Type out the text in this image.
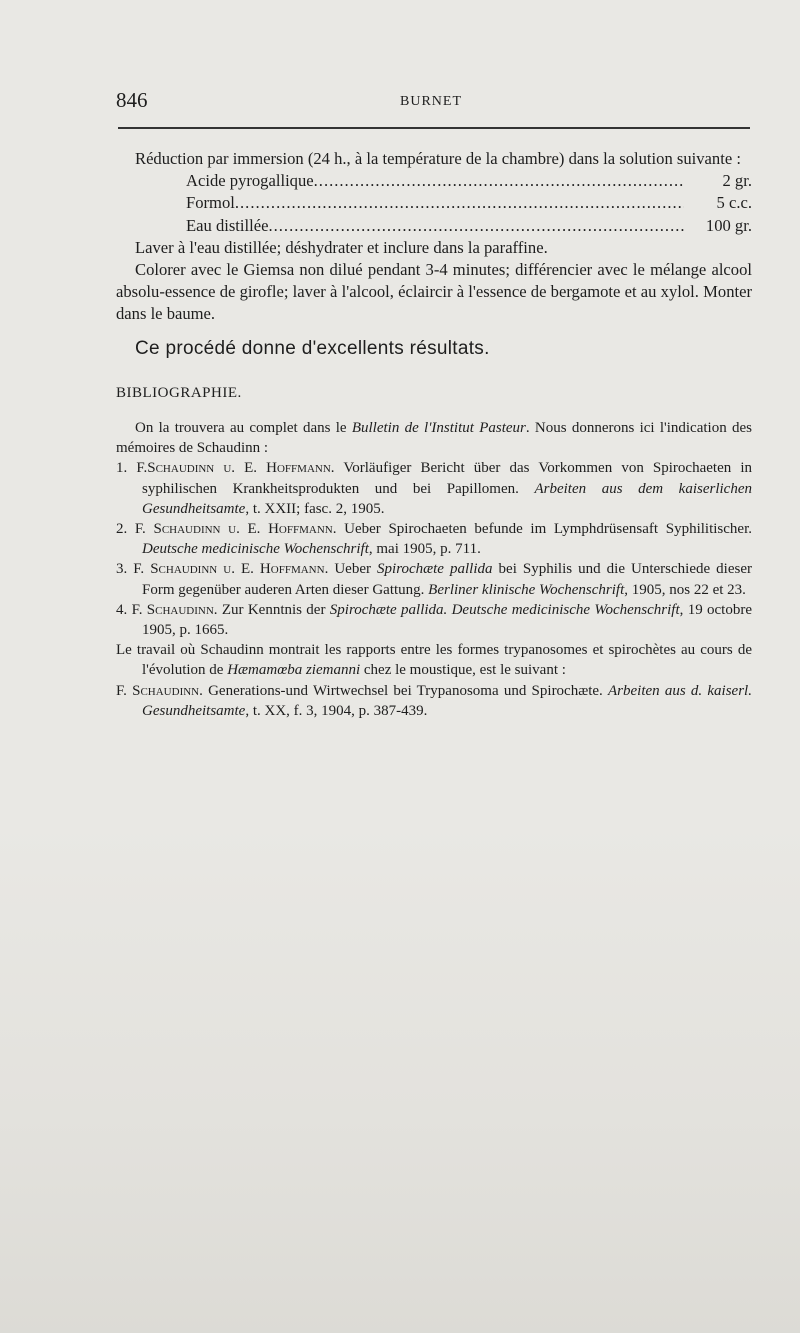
846	BURNET

Réduction par immersion (24 h., à la température de la chambre) dans la solution suivante :

Acide pyrogallique .....	2 gr.
Formol .....	5 c.c.
Eau distillée .....	100 gr.

Laver à l'eau distillée; déshydrater et inclure dans la paraffine.

Colorer avec le Giemsa non dilué pendant 3-4 minutes; différencier avec le mélange alcool absolu-essence de girofle; laver à l'alcool, éclaircir à l'essence de bergamote et au xylol. Monter dans le baume.

Ce procédé donne d'excellents résultats.

BIBLIOGRAPHIE.

On la trouvera au complet dans le Bulletin de l'Institut Pasteur. Nous donnerons ici l'indication des mémoires de Schaudinn :

1. F.Schaudinn u. E. Hoffmann. Vorläufiger Bericht über das Vorkommen von Spirochaeten in syphilischen Krankheitsprodukten und bei Papillomen. Arbeiten aus dem kaiserlichen Gesundheitsamte, t. XXII; fasc. 2, 1905.

2. F. Schaudinn u. E. Hoffmann. Ueber Spirochaeten befunde im Lymphdrüsensaft Syphilitischer. Deutsche medicinische Wochenschrift, mai 1905, p. 711.

3. F. Schaudinn u. E. Hoffmann. Ueber Spirochæte pallida bei Syphilis und die Unterschiede dieser Form gegenüber auderen Arten dieser Gattung. Berliner klinische Wochenschrift, 1905, nos 22 et 23.

4. F. Schaudinn. Zur Kenntnis der Spirochæte pallida. Deutsche medicinische Wochenschrift, 19 octobre 1905, p. 1665.

Le travail où Schaudinn montrait les rapports entre les formes trypanosomes et spirochètes au cours de l'évolution de Hæmamœba ziemanni chez le moustique, est le suivant :

F. Schaudinn. Generations-und Wirtwechsel bei Trypanosoma und Spirochæte. Arbeiten aus d. kaiserl. Gesundheitsamte, t. XX, f. 3, 1904, p. 387-439.
